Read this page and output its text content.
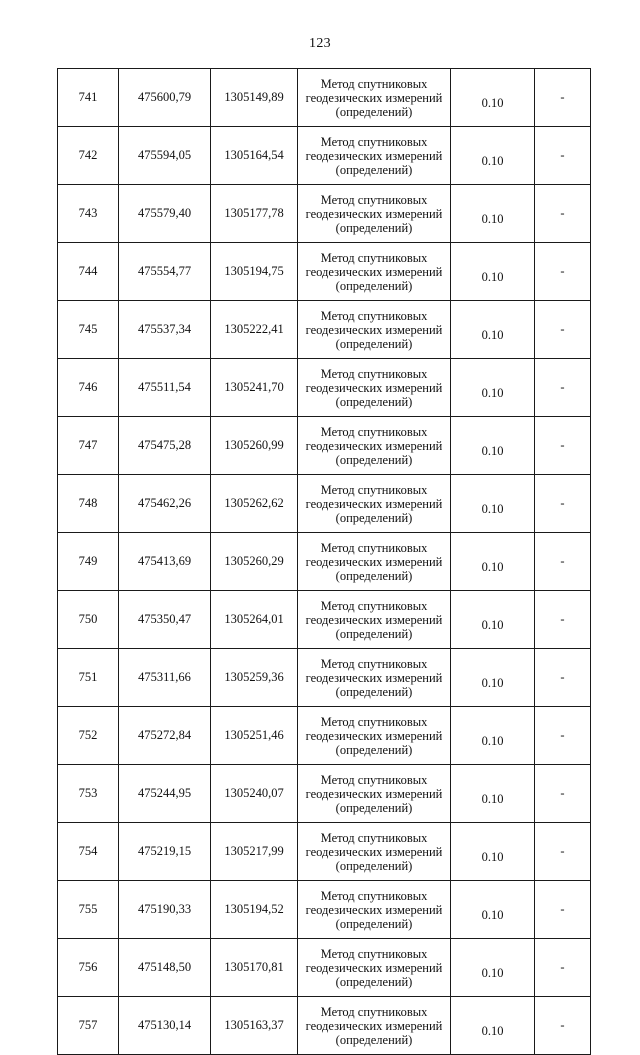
123
741	475600,79	1305149,89	Метод спутниковых
геодезических измерений
(определений)	0.10	-
742	475594,05	1305164,54	Метод спутниковых
геодезических измерений
(определений)	0.10	-
743	475579,40	1305177,78	Метод спутниковых
геодезических измерений
(определений)	0.10	-
744	475554,77	1305194,75	Метод спутниковых
геодезических измерений
(определений)	0.10	-
745	475537,34	1305222,41	Метод спутниковых
геодезических измерений
(определений)	0.10	-
746	475511,54	1305241,70	Метод спутниковых
геодезических измерений
(определений)	0.10	-
747	475475,28	1305260,99	Метод спутниковых
геодезических измерений
(определений)	0.10	-
748	475462,26	1305262,62	Метод спутниковых
геодезических измерений
(определений)	0.10	-
749	475413,69	1305260,29	Метод спутниковых
геодезических измерений
(определений)	0.10	-
750	475350,47	1305264,01	Метод спутниковых
геодезических измерений
(определений)	0.10	-
751	475311,66	1305259,36	Метод спутниковых
геодезических измерений
(определений)	0.10	-
752	475272,84	1305251,46	Метод спутниковых
геодезических измерений
(определений)	0.10	-
753	475244,95	1305240,07	Метод спутниковых
геодезических измерений
(определений)	0.10	-
754	475219,15	1305217,99	Метод спутниковых
геодезических измерений
(определений)	0.10	-
755	475190,33	1305194,52	Метод спутниковых
геодезических измерений
(определений)	0.10	-
756	475148,50	1305170,81	Метод спутниковых
геодезических измерений
(определений)	0.10	-
757	475130,14	1305163,37	Метод спутниковых
геодезических измерений
(определений)	0.10	-
